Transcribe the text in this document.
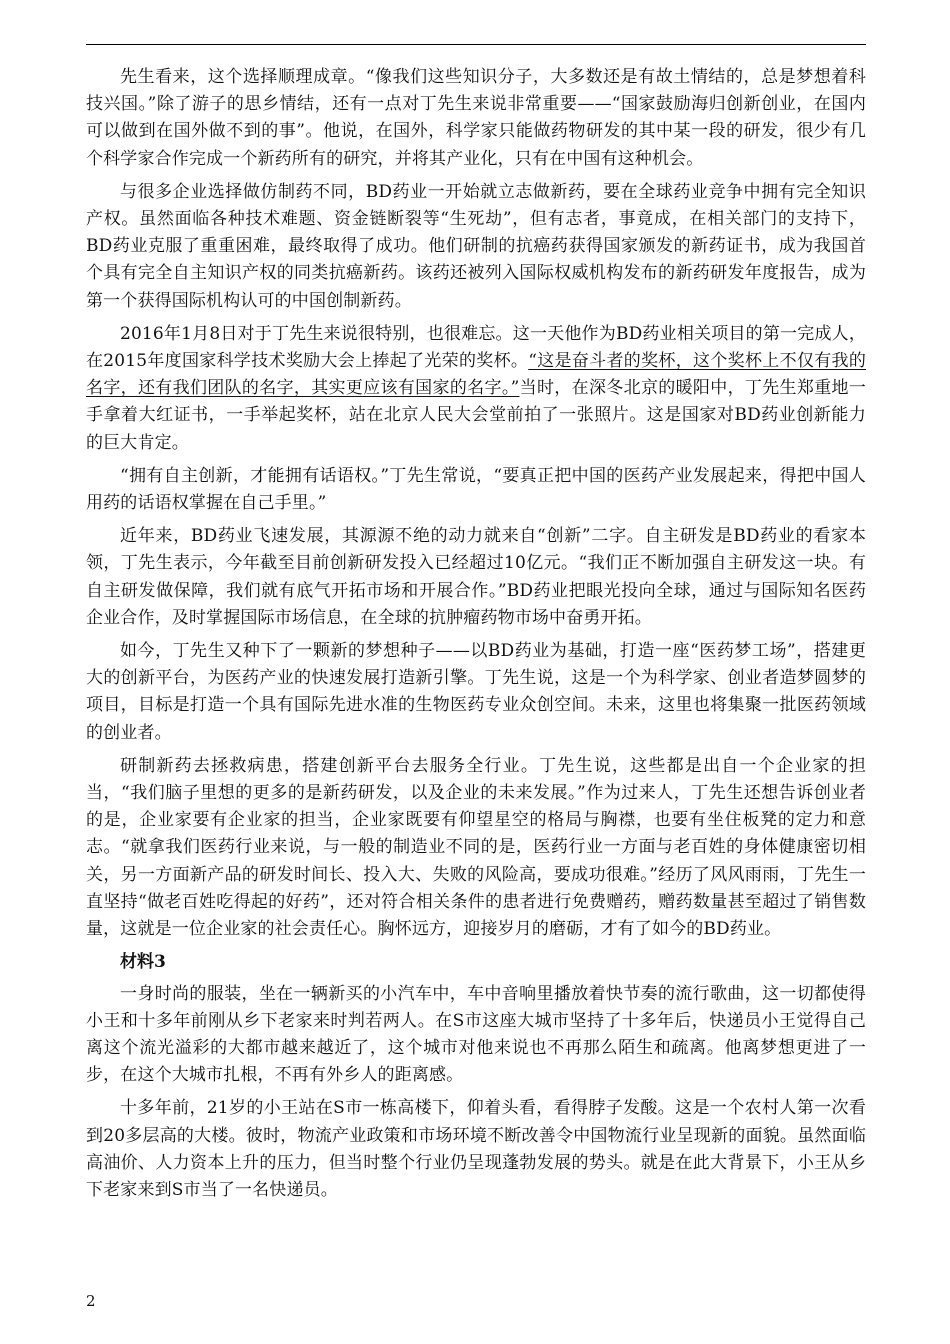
先生看来，这个选择顺理成章。“像我们这些知识分子，大多数还是有故土情结的，总是梦想着科技兴国。”除了游子的思乡情结，还有一点对丁先生来说非常重要——“国家鼓励海归创新创业，在国内可以做到在国外做不到的事”。他说，在国外，科学家只能做药物研发的其中某一段的研发，很少有几个科学家合作完成一个新药所有的研究，并将其产业化，只有在中国有这种机会。

与很多企业选择做仿制药不同，BD药业一开始就立志做新药，要在全球药业竞争中拥有完全知识产权。虽然面临各种技术难题、资金链断裂等“生死劫”，但有志者，事竟成，在相关部门的支持下，BD药业克服了重重困难，最终取得了成功。他们研制的抗癌药获得国家颁发的新药证书，成为我国首个具有完全自主知识产权的同类抗癌新药。该药还被列入国际权威机构发布的新药研发年度报告，成为第一个获得国际机构认可的中国创制新药。

2016年1月8日对于丁先生来说很特别，也很难忘。这一天他作为BD药业相关项目的第一完成人，在2015年度国家科学技术奖励大会上捧起了光荣的奖杯。“这是奋斗者的奖杯，这个奖杯上不仅有我的名字，还有我们团队的名字，其实更应该有国家的名字。”当时，在深冬北京的暖阳中，丁先生郑重地一手拿着大红证书，一手举起奖杯，站在北京人民大会堂前拍了一张照片。这是国家对BD药业创新能力的巨大肯定。

“拥有自主创新，才能拥有话语权。”丁先生常说，“要真正把中国的医药产业发展起来，得把中国人用药的话语权掌握在自己手里。”

近年来，BD药业飞速发展，其源源不绝的动力就来自“创新”二字。自主研发是BD药业的看家本领，丁先生表示，今年截至目前创新研发投入已经超过10亿元。“我们正不断加强自主研发这一块。有自主研发做保障，我们就有底气开拓市场和开展合作。”BD药业把眼光投向全球，通过与国际知名医药企业合作，及时掌握国际市场信息，在全球的抗肿瘤药物市场中奋勇开拓。

如今，丁先生又种下了一颗新的梦想种子——以BD药业为基础，打造一座“医药梦工场”，搭建更大的创新平台，为医药产业的快速发展打造新引擎。丁先生说，这是一个为科学家、创业者造梦圆梦的项目，目标是打造一个具有国际先进水准的生物医药专业众创空间。未来，这里也将集聚一批医药领域的创业者。

研制新药去拯救病患，搭建创新平台去服务全行业。丁先生说，这些都是出自一个企业家的担当，“我们脑子里想的更多的是新药研发，以及企业的未来发展。”作为过来人，丁先生还想告诉创业者的是，企业家要有企业家的担当，企业家既要有仰望星空的格局与胸襟，也要有坐住板凳的定力和意志。“就拿我们医药行业来说，与一般的制造业不同的是，医药行业一方面与老百姓的身体健康密切相关，另一方面新产品的研发时间长、投入大、失败的风险高，要成功很难。”经历了风风雨雨，丁先生一直坚持“做老百姓吃得起的好药”，还对符合相关条件的患者进行免费赠药，赠药数量甚至超过了销售数量，这就是一位企业家的社会责任心。胸怀远方，迎接岁月的磨砺，才有了如今的BD药业。

材料3

一身时尚的服装，坐在一辆新买的小汽车中，车中音响里播放着快节奏的流行歌曲，这一切都使得小王和十多年前刚从乡下老家来时判若两人。在S市这座大城市坚持了十多年后，快递员小王觉得自己离这个流光溢彩的大都市越来越近了，这个城市对他来说也不再那么陌生和疏离。他离梦想更进了一步，在这个大城市扎根，不再有外乡人的距离感。

十多年前，21岁的小王站在S市一栋高楼下，仰着头看，看得脖子发酸。这是一个农村人第一次看到20多层高的大楼。彼时，物流产业政策和市场环境不断改善令中国物流行业呈现新的面貌。虽然面临高油价、人力资本上升的压力，但当时整个行业仍呈现蓬勃发展的势头。就是在此大背景下，小王从乡下老家来到S市当了一名快递员。

2
